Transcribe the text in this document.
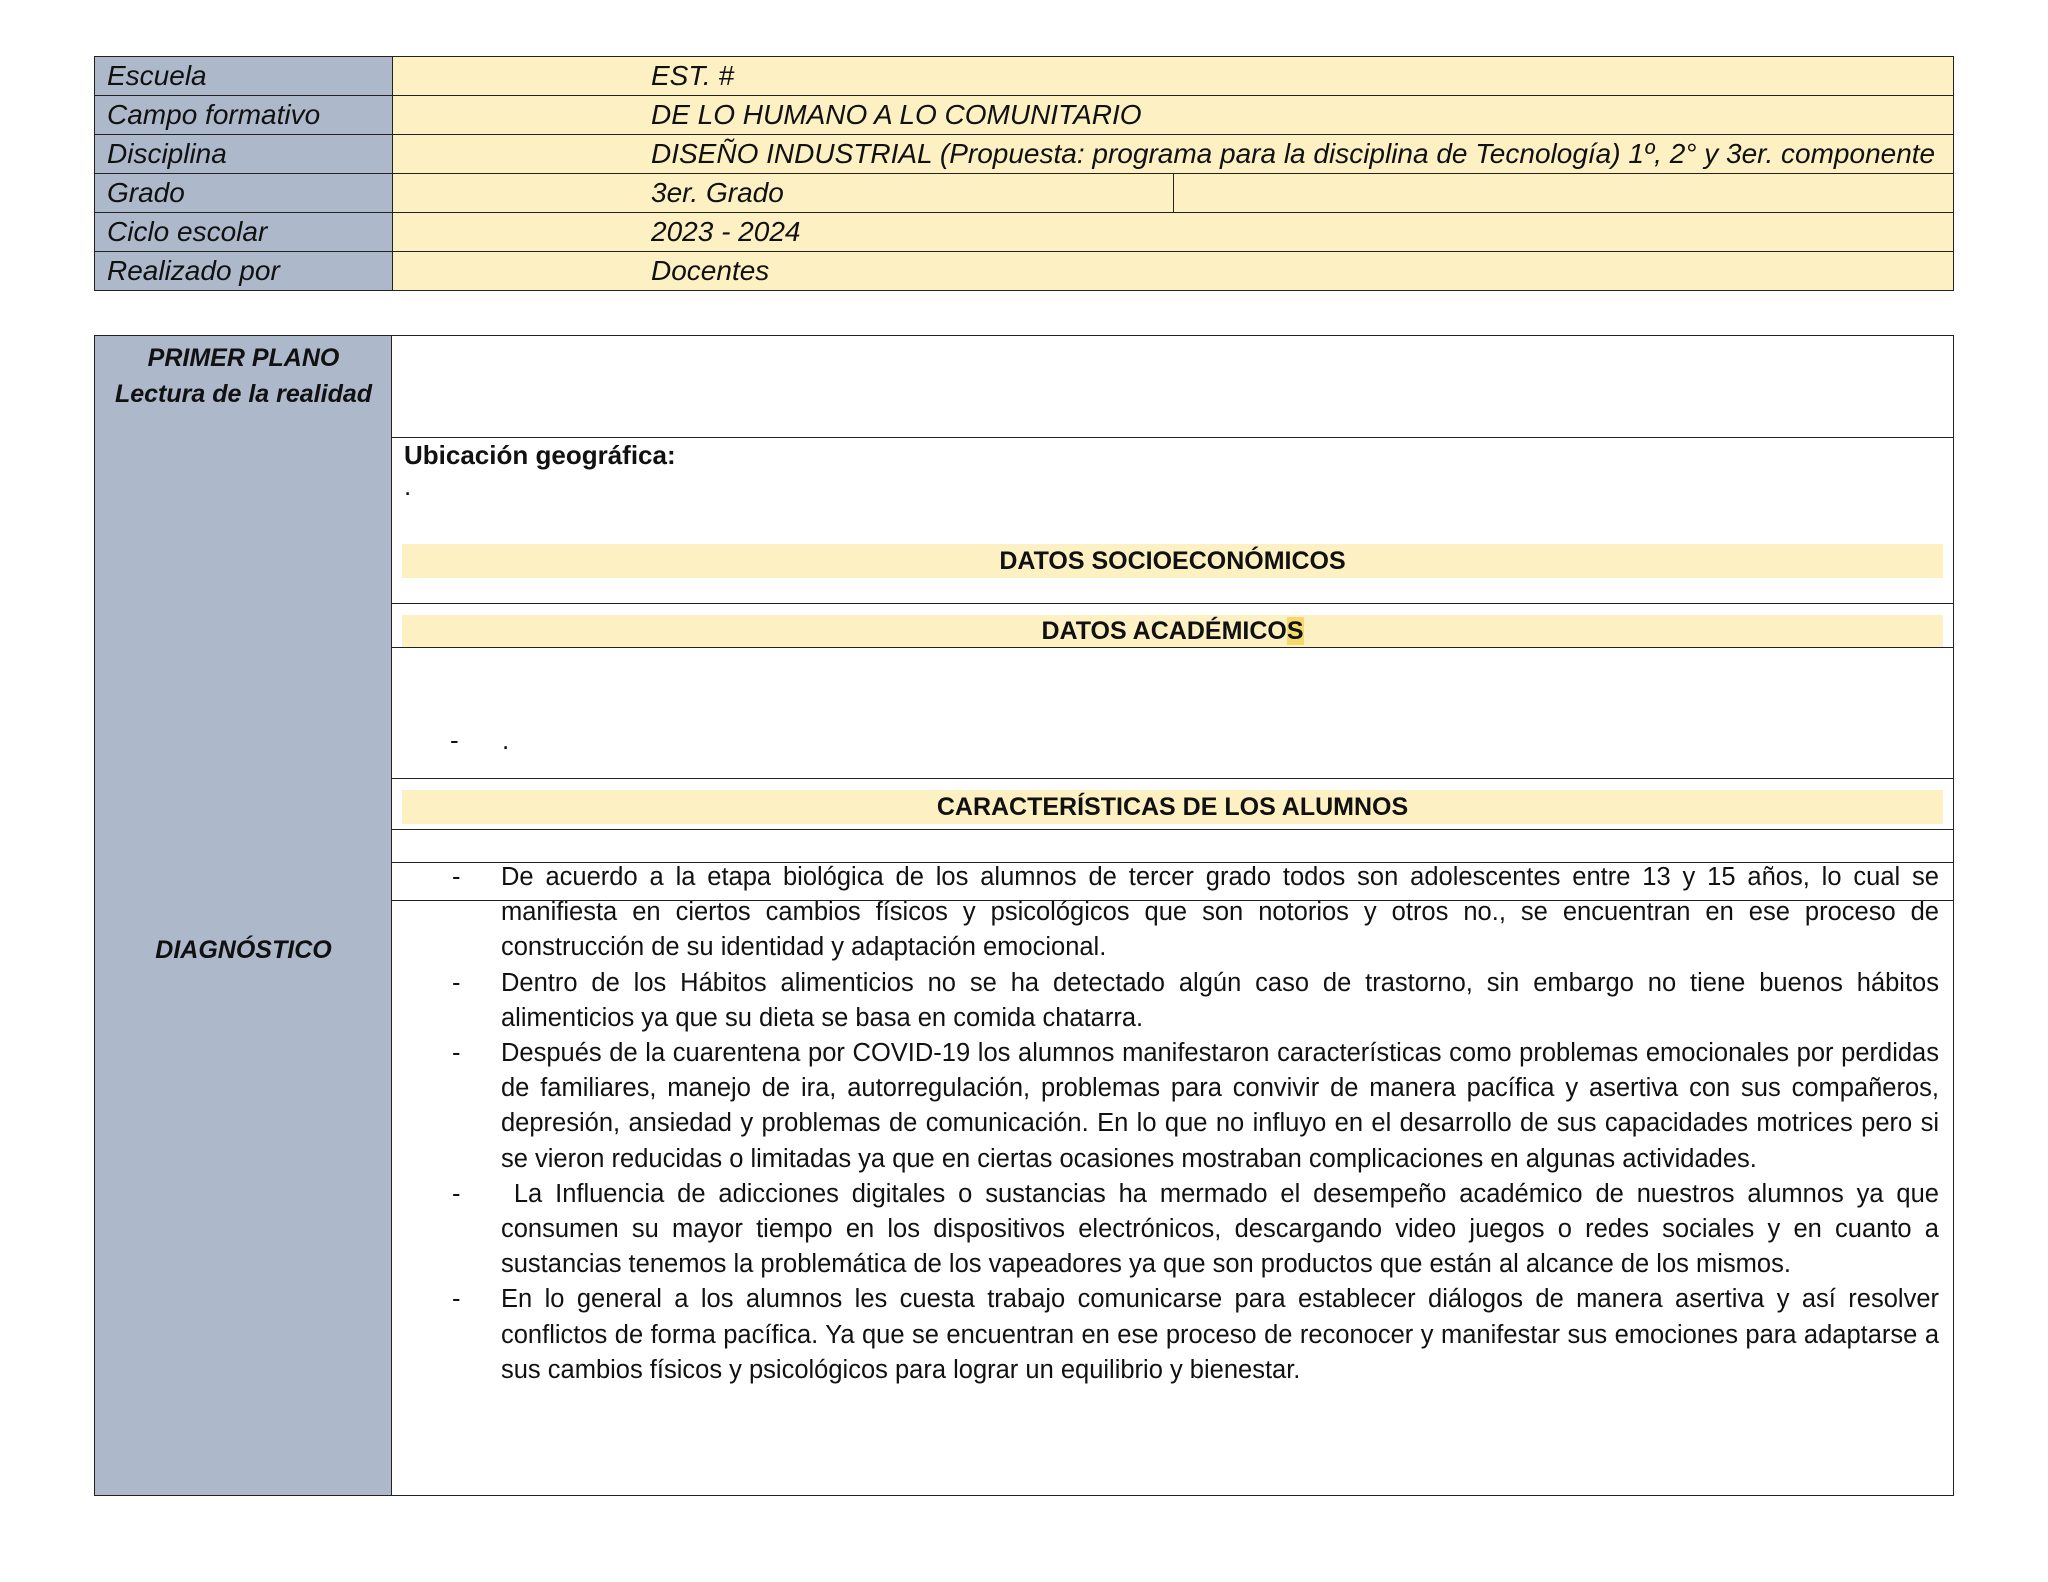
Escuela	EST. #	
Campo formativo	DE LO HUMANO A LO COMUNITARIO	
Disciplina	DISEÑO INDUSTRIAL (Propuesta: programa para la disciplina de Tecnología) 1º, 2° y 3er. componente	
Grado	3er. Grado	
Ciclo escolar	2023 - 2024	
Realizado por	Docentes	
PRIMER PLANO
Lectura de la realidad
DIAGNÓSTICO
Ubicación geográfica:
.
DATOS SOCIOECONÓMICOS
DATOS ACADÉMICOS
- .
CARACTERÍSTICAS DE LOS ALUMNOS
- De acuerdo a la etapa biológica de los alumnos de tercer grado todos son adolescentes entre 13 y 15 años, lo cual se manifiesta en ciertos cambios físicos y psicológicos que son notorios y otros no., se encuentran en ese proceso de construcción de su identidad y adaptación emocional.
- Dentro de los Hábitos alimenticios no se ha detectado algún caso de trastorno, sin embargo no tiene buenos hábitos alimenticios ya que su dieta se basa en comida chatarra.
- Después de la cuarentena por COVID-19 los alumnos manifestaron características como problemas emocionales por perdidas de familiares, manejo de ira, autorregulación, problemas para convivir de manera pacífica y asertiva con sus compañeros, depresión, ansiedad y problemas de comunicación. En lo que no influyo en el desarrollo de sus capacidades motrices pero si se vieron reducidas o limitadas ya que en ciertas ocasiones mostraban complicaciones en algunas actividades.
- La Influencia de adicciones digitales o sustancias ha mermado el desempeño académico de nuestros alumnos ya que consumen su mayor tiempo en los dispositivos electrónicos, descargando video juegos o redes sociales y en cuanto a sustancias tenemos la problemática de los vapeadores ya que son productos que están al alcance de los mismos.
- En lo general a los alumnos les cuesta trabajo comunicarse para establecer diálogos de manera asertiva y así resolver conflictos de forma pacífica. Ya que se encuentran en ese proceso de reconocer y manifestar sus emociones para adaptarse a sus cambios físicos y psicológicos para lograr un equilibrio y bienestar.
